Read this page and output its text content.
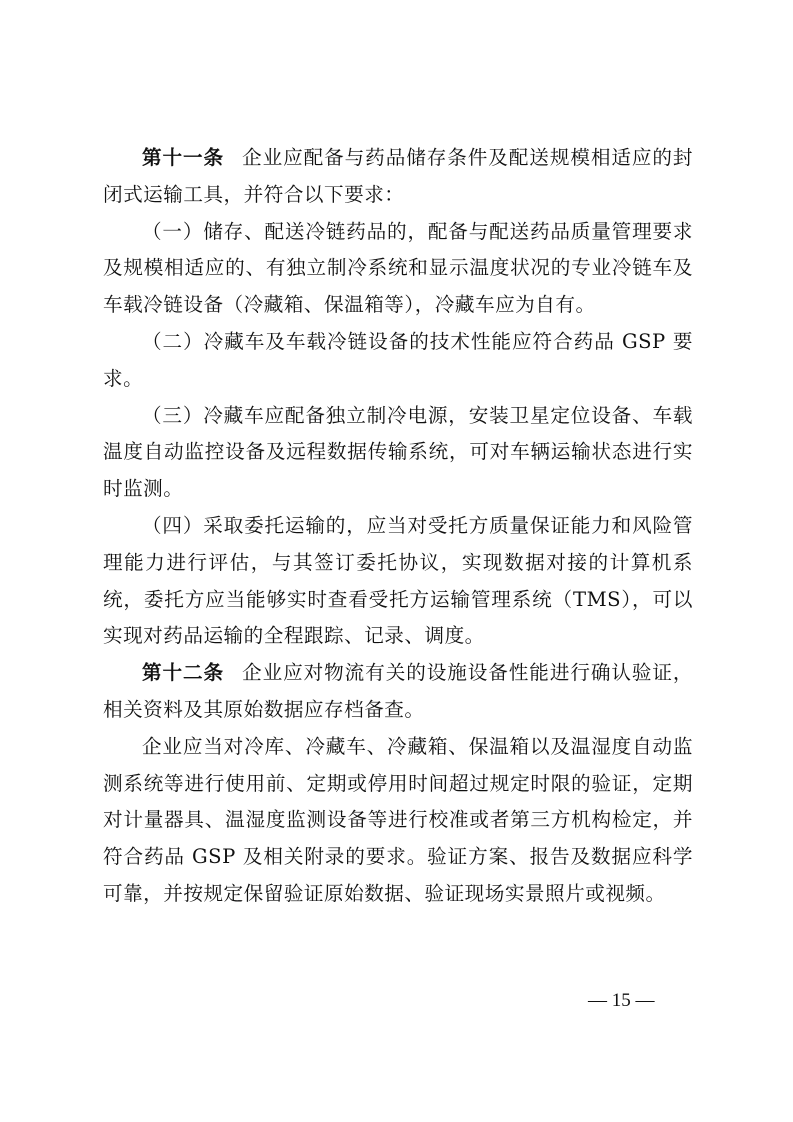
第十一条 企业应配备与药品储存条件及配送规模相适应的封闭式运输工具，并符合以下要求：

（一）储存、配送冷链药品的，配备与配送药品质量管理要求及规模相适应的、有独立制冷系统和显示温度状况的专业冷链车及车载冷链设备（冷藏箱、保温箱等），冷藏车应为自有。

（二）冷藏车及车载冷链设备的技术性能应符合药品 GSP 要求。

（三）冷藏车应配备独立制冷电源，安装卫星定位设备、车载温度自动监控设备及远程数据传输系统，可对车辆运输状态进行实时监测。

（四）采取委托运输的，应当对受托方质量保证能力和风险管理能力进行评估，与其签订委托协议，实现数据对接的计算机系统，委托方应当能够实时查看受托方运输管理系统（TMS），可以实现对药品运输的全程跟踪、记录、调度。

第十二条 企业应对物流有关的设施设备性能进行确认验证，相关资料及其原始数据应存档备查。

企业应当对冷库、冷藏车、冷藏箱、保温箱以及温湿度自动监测系统等进行使用前、定期或停用时间超过规定时限的验证，定期对计量器具、温湿度监测设备等进行校准或者第三方机构检定，并符合药品 GSP 及相关附录的要求。验证方案、报告及数据应科学可靠，并按规定保留验证原始数据、验证现场实景照片或视频。

— 15 —
